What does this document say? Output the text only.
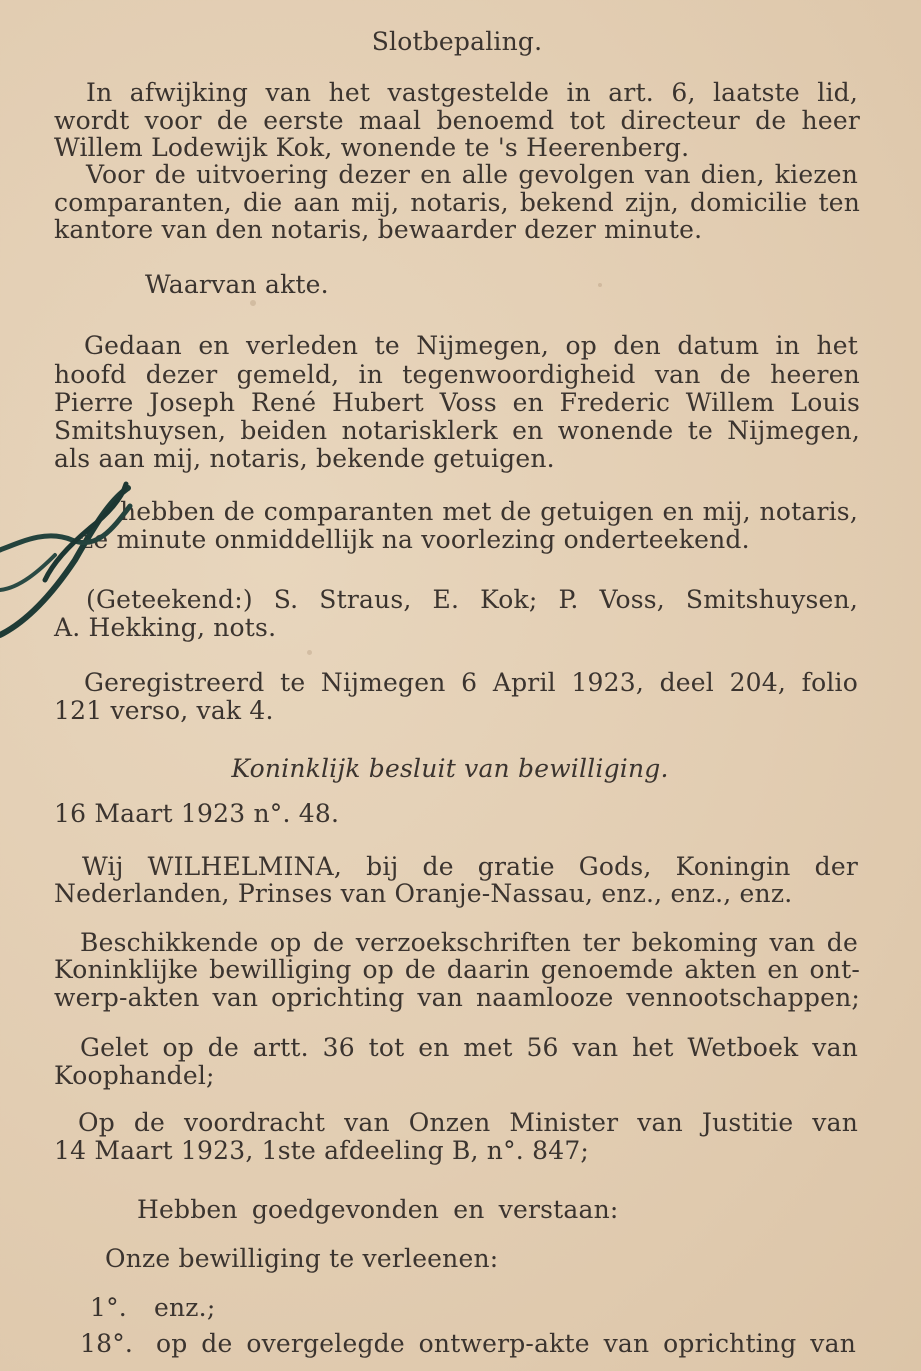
Slotbepaling.
In afwijking van het vastgestelde in art. 6, laatste lid,
wordt voor de eerste maal benoemd tot directeur de heer
Willem Lodewijk Kok, wonende te 's Heerenberg.
Voor de uitvoering dezer en alle gevolgen van dien, kiezen
comparanten, die aan mij, notaris, bekend zijn, domicilie ten
kantore van den notaris, bewaarder dezer minute.
Waarvan akte.
Gedaan en verleden te Nijmegen, op den datum in het
hoofd dezer gemeld, in tegenwoordigheid van de heeren
Pierre Joseph René Hubert Voss en Frederic Willem Louis
Smitshuysen, beiden notarisklerk en wonende te Nijmegen,
als aan mij, notaris, bekende getuigen.
hebben de comparanten met de getuigen en mij, notaris,
ze minute onmiddellijk na voorlezing onderteekend.
(Geteekend:) S. Straus, E. Kok; P. Voss, Smitshuysen,
A. Hekking, nots.
Geregistreerd te Nijmegen 6 April 1923, deel 204, folio
121 verso, vak 4.
Koninklijk besluit van bewilliging.
16 Maart 1923 n°. 48.
Wij WILHELMINA, bij de gratie Gods, Koningin der
Nederlanden, Prinses van Oranje-Nassau, enz., enz., enz.
Beschikkende op de verzoekschriften ter bekoming van de
Koninklijke bewilliging op de daarin genoemde akten en ont-
werp-akten van oprichting van naamlooze vennootschappen;
Gelet op de artt. 36 tot en met 56 van het Wetboek van
Koophandel;
Op de voordracht van Onzen Minister van Justitie van
14 Maart 1923, 1ste afdeeling B, n°. 847;
Hebben goedgevonden en verstaan:
Onze bewilliging te verleenen:
1°.	enz.;
18°. op de overgelegde ontwerp-akte van oprichting van
